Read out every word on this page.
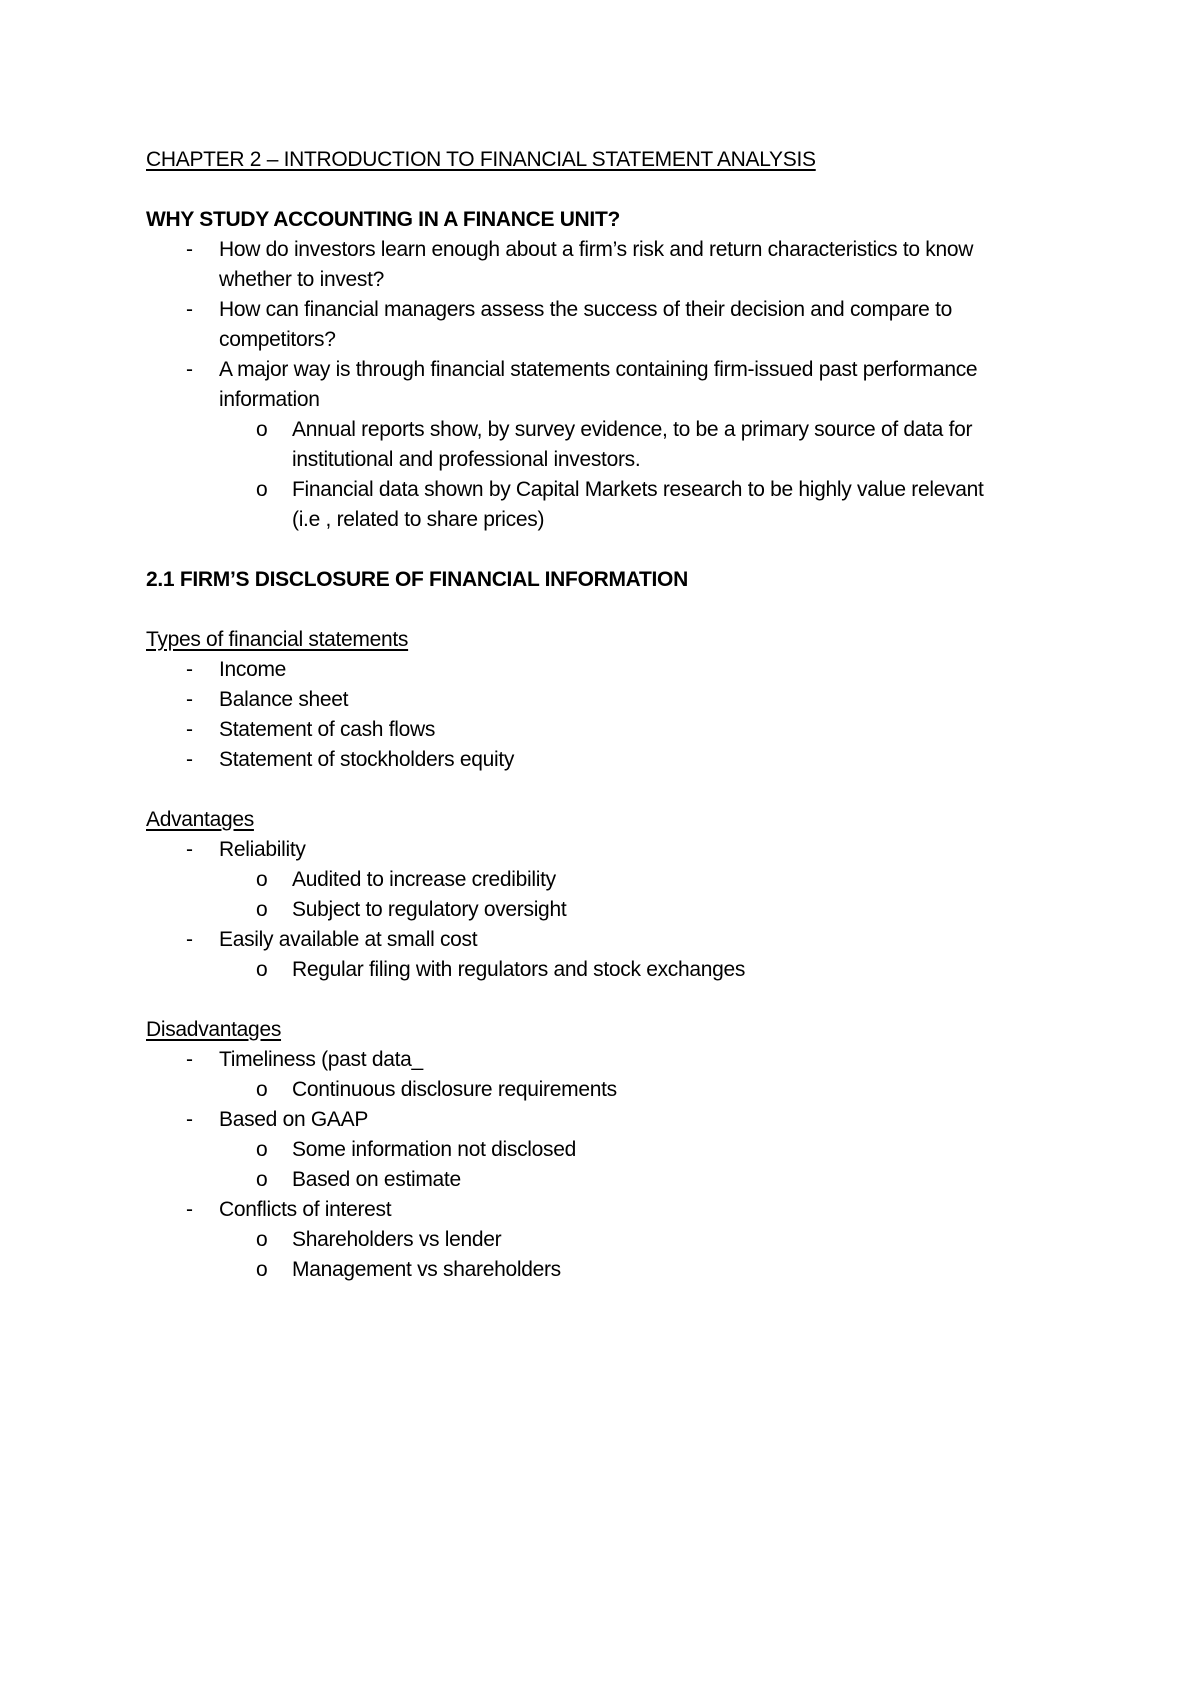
CHAPTER 2 – INTRODUCTION TO FINANCIAL STATEMENT ANALYSIS
WHY STUDY ACCOUNTING IN A FINANCE UNIT?
- How do investors learn enough about a firm’s risk and return characteristics to know
whether to invest?
- How can financial managers assess the success of their decision and compare to
competitors?
- A major way is through financial statements containing firm-issued past performance
information
o Annual reports show, by survey evidence, to be a primary source of data for
institutional and professional investors.
o Financial data shown by Capital Markets research to be highly value relevant
(i.e , related to share prices)
2.1 FIRM’S DISCLOSURE OF FINANCIAL INFORMATION
Types of financial statements
- Income
- Balance sheet
- Statement of cash flows
- Statement of stockholders equity
Advantages
- Reliability
o Audited to increase credibility
o Subject to regulatory oversight
- Easily available at small cost
o Regular filing with regulators and stock exchanges
Disadvantages
- Timeliness (past data_
o Continuous disclosure requirements
- Based on GAAP
o Some information not disclosed
o Based on estimate
- Conflicts of interest
o Shareholders vs lender
o Management vs shareholders
